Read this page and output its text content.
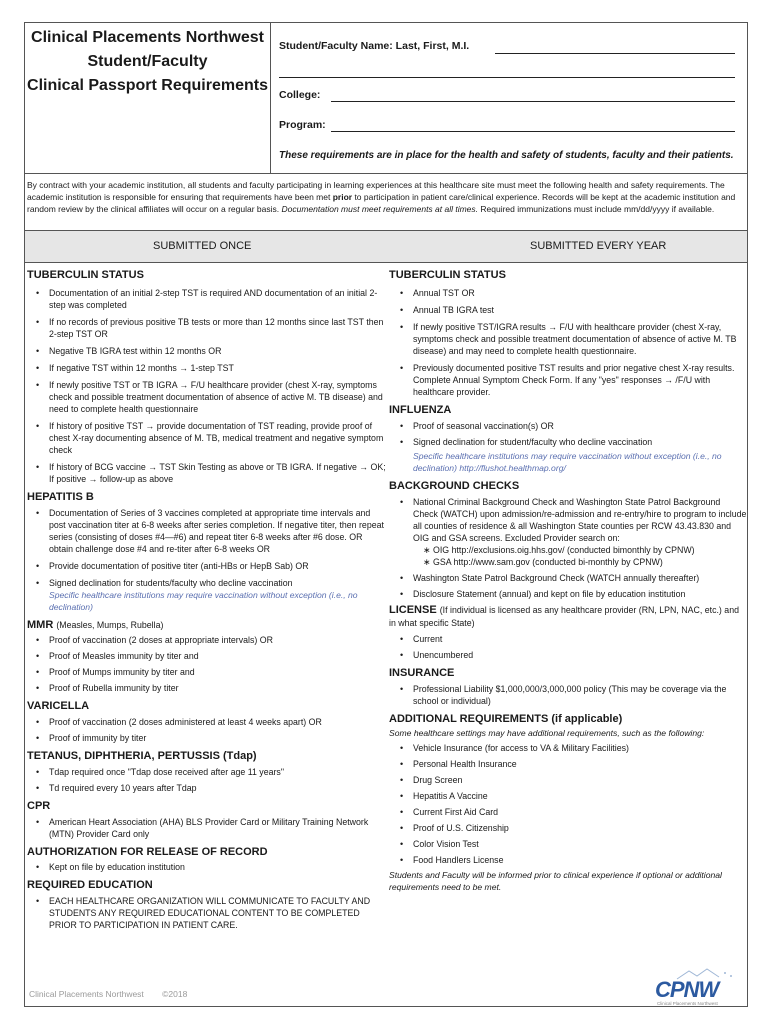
Clinical Placements Northwest
Student/Faculty
Clinical Passport Requirements
Student/Faculty Name: Last, First, M.I.
College:
Program:
These requirements are in place for the health and safety of students, faculty and their patients.
By contract with your academic institution, all students and faculty participating in learning experiences at this healthcare site must meet the following health and safety requirements. The academic institution is responsible for ensuring that requirements have been met prior to participation in patient care/clinical experience. Records will be kept at the academic institution and random review by the clinical affiliates will occur on a regular basis. Documentation must meet requirements at all times. Required immunizations must include mm/dd/yyyy if available.
SUBMITTED ONCE	SUBMITTED EVERY YEAR

TUBERCULIN STATUS

• Documentation of an initial 2-step TST is required AND documentation of an initial 2-step was completed
• If no records of previous positive TB tests or more than 12 months since last TST then 2-step TST OR
• Negative TB IGRA test within 12 months OR
• If negative TST within 12 months → 1-step TST
• If newly positive TST or TB IGRA → F/U healthcare provider (chest X-ray, symptoms check and possible treatment documentation of absence of active M. TB disease) and need to complete health questionnaire
• If history of positive TST → provide documentation of TST reading, provide proof of chest X-ray documenting absence of M. TB, medical treatment and negative symptom check
• If history of BCG vaccine → TST Skin Testing as above or TB IGRA. If negative → OK; If positive → follow-up as above

HEPATITIS B

• Documentation of Series of 3 vaccines completed at appropriate time intervals and post vaccination titer at 6-8 weeks after series completion. If negative titer, then repeat series (consisting of doses #4—#6) and repeat titer 6-8 weeks after #6 dose. OR obtain challenge dose #4 and re-titer after 6-8 weeks OR
• Provide documentation of positive titer (anti-HBs or HepB Sab) OR
• Signed declination for students/faculty who decline vaccination
Specific healthcare institutions may require vaccination without exception (i.e., no declination)

MMR (Measles, Mumps, Rubella)

• Proof of vaccination (2 doses at appropriate intervals) OR
• Proof of Measles immunity by titer and
• Proof of Mumps immunity by titer and
• Proof of Rubella immunity by titer

VARICELLA

• Proof of vaccination (2 doses administered at least 4 weeks apart) OR
• Proof of immunity by titer

TETANUS, DIPHTHERIA, PERTUSSIS (Tdap)

• Tdap required once "Tdap dose received after age 11 years"
• Td required every 10 years after Tdap

CPR

• American Heart Association (AHA) BLS Provider Card or Military Training Network (MTN) Provider Card only

AUTHORIZATION FOR RELEASE OF RECORD

• Kept on file by education institution

REQUIRED EDUCATION

• EACH HEALTHCARE ORGANIZATION WILL COMMUNICATE TO FACULTY AND STUDENTS ANY REQUIRED EDUCATIONAL CONTENT TO BE COMPLETED PRIOR TO PARTICIPATION IN PATIENT CARE.

TUBERCULIN STATUS

• Annual TST OR
• Annual TB IGRA test
• If newly positive TST/IGRA results → F/U with healthcare provider (chest X-ray, symptoms check and possible treatment documentation of absence of active M. TB disease) and may need to complete health questionnaire.
• Previously documented positive TST results and prior negative chest X-ray results. Complete Annual Symptom Check Form. If any "yes" responses → /F/U with healthcare provider.

INFLUENZA

• Proof of seasonal vaccination(s) OR
• Signed declination for student/faculty who decline vaccination
Specific healthcare institutions may require vaccination without exception (i.e., no declination) http://flushot.healthmap.org/

BACKGROUND CHECKS

• National Criminal Background Check and Washington State Patrol Background Check (WATCH) upon admission/re-admission and re-entry/hire to program to include all counties of residence & all Washington State counties per RCW 43.43.830 and OIG and GSA screens. Excluded Provider search on:
∗ OIG http://exclusions.oig.hhs.gov/ (conducted bimonthly by CPNW)
∗ GSA http://www.sam.gov (conducted bi-monthly by CPNW)
• Washington State Patrol Background Check (WATCH annually thereafter)
• Disclosure Statement (annual) and kept on file by education institution

LICENSE (If individual is licensed as any healthcare provider (RN, LPN, NAC, etc.) and in what specific State)

• Current
• Unencumbered

INSURANCE

• Professional Liability $1,000,000/3,000,000 policy (This may be coverage via the school or individual)

ADDITIONAL REQUIREMENTS (if applicable)

Some healthcare settings may have additional requirements, such as the following:
• Vehicle Insurance (for access to VA & Military Facilities)
• Personal Health Insurance
• Drug Screen
• Hepatitis A Vaccine
• Current First Aid Card
• Proof of U.S. Citizenship
• Color Vision Test
• Food Handlers License
Students and Faculty will be informed prior to clinical experience if optional or additional requirements need to be met.
Clinical Placements Northwest ©2018	CPNW
Clinical Placements Northwest
